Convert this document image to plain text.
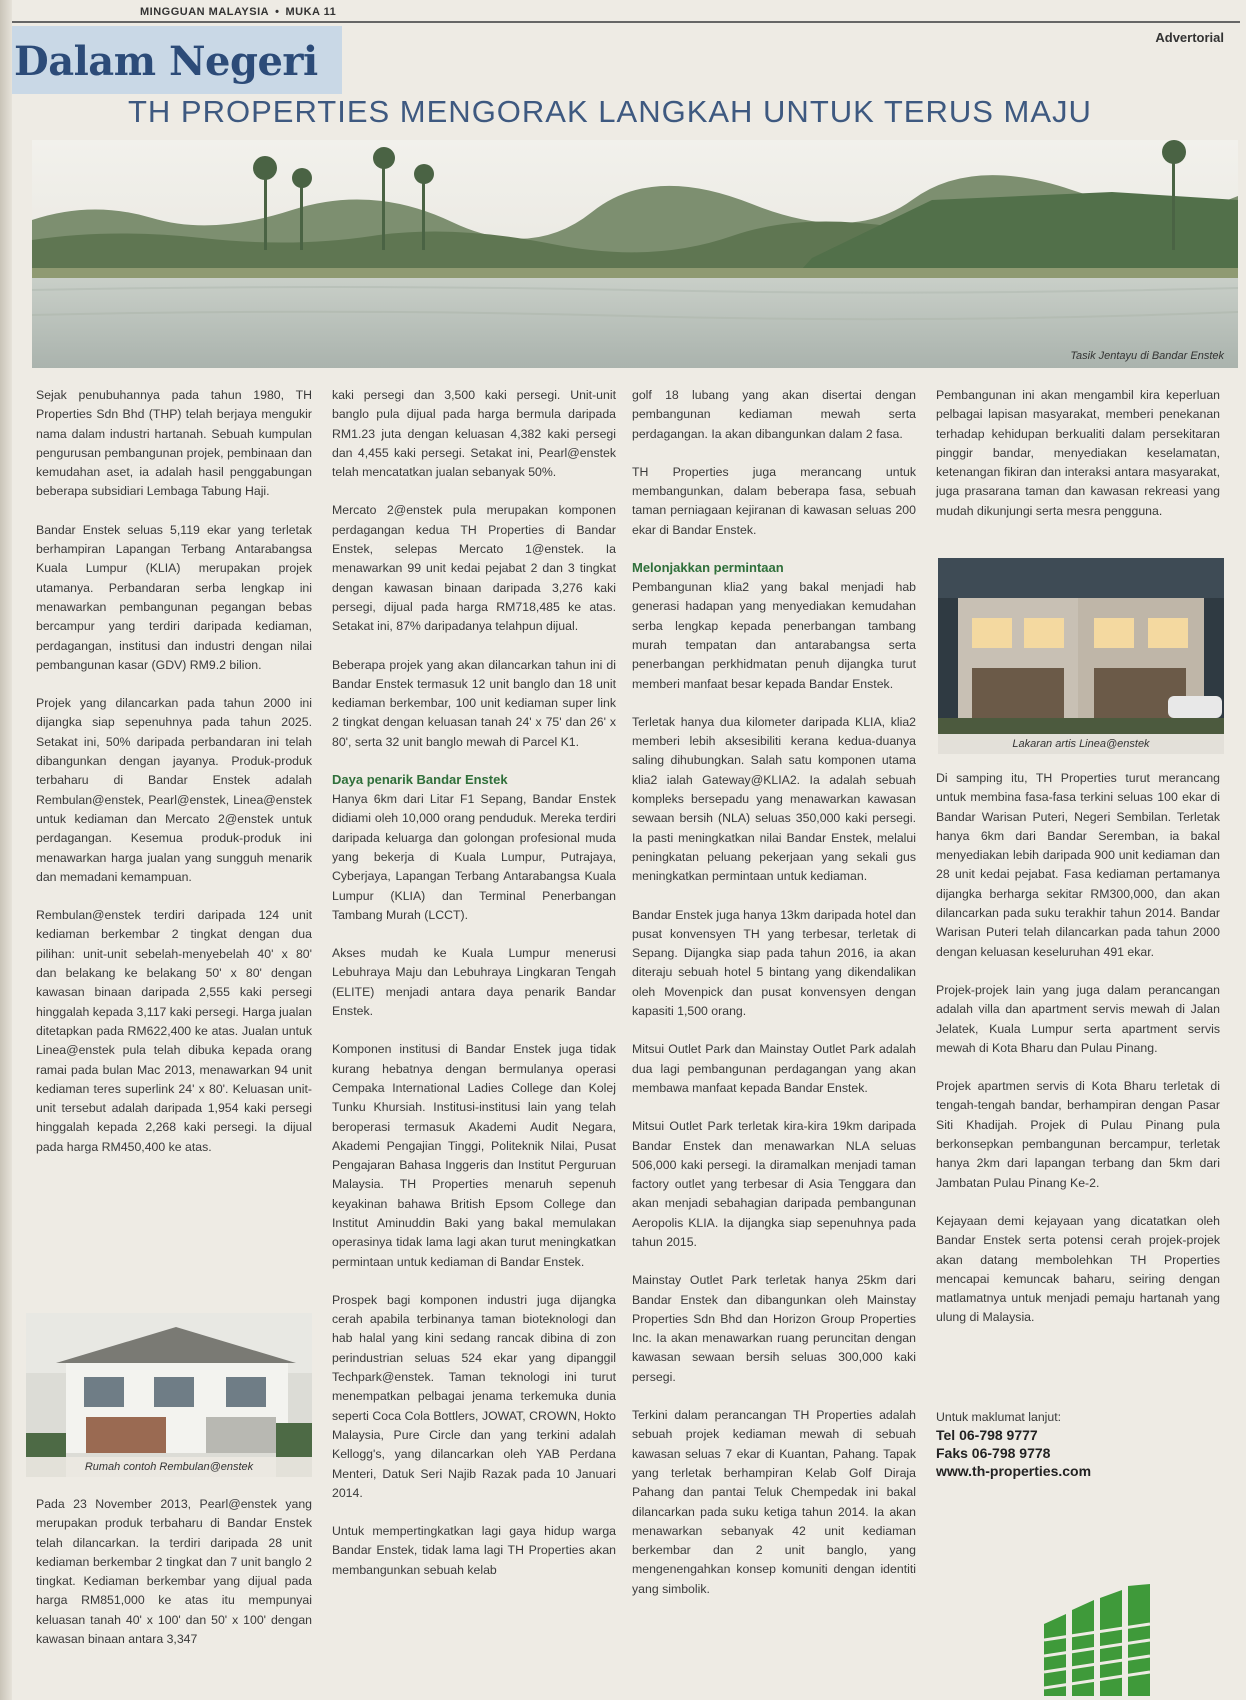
MINGGUAN MALAYSIA • MUKA 11
Advertorial
Dalam Negeri
TH PROPERTIES MENGORAK LANGKAH UNTUK TERUS MAJU
Tasik Jentayu di Bandar Enstek

Sejak penubuhannya pada tahun 1980, TH Properties Sdn Bhd (THP) telah berjaya mengukir nama dalam industri hartanah. Sebuah kumpulan pengurusan pembangunan projek, pembinaan dan kemudahan aset, ia adalah hasil penggabungan beberapa subsidiari Lembaga Tabung Haji.

Bandar Enstek seluas 5,119 ekar yang terletak berhampiran Lapangan Terbang Antarabangsa Kuala Lumpur (KLIA) merupakan projek utamanya. Perbandaran serba lengkap ini menawarkan pembangunan pegangan bebas bercampur yang terdiri daripada kediaman, perdagangan, institusi dan industri dengan nilai pembangunan kasar (GDV) RM9.2 bilion.

Projek yang dilancarkan pada tahun 2000 ini dijangka siap sepenuhnya pada tahun 2025. Setakat ini, 50% daripada perbandaran ini telah dibangunkan dengan jayanya. Produk-produk terbaharu di Bandar Enstek adalah Rembulan@enstek, Pearl@enstek, Linea@enstek untuk kediaman dan Mercato 2@enstek untuk perdagangan. Kesemua produk-produk ini menawarkan harga jualan yang sungguh menarik dan memadani kemampuan.

Rembulan@enstek terdiri daripada 124 unit kediaman berkembar 2 tingkat dengan dua pilihan: unit-unit sebelah-menyebelah 40' x 80' dan belakang ke belakang 50' x 80' dengan kawasan binaan daripada 2,555 kaki persegi hinggalah kepada 3,117 kaki persegi. Harga jualan ditetapkan pada RM622,400 ke atas. Jualan untuk Linea@enstek pula telah dibuka kepada orang ramai pada bulan Mac 2013, menawarkan 94 unit kediaman teres superlink 24' x 80'. Keluasan unit-unit tersebut adalah daripada 1,954 kaki persegi hinggalah kepada 2,268 kaki persegi. Ia dijual pada harga RM450,400 ke atas.

Rumah contoh Rembulan@enstek

Pada 23 November 2013, Pearl@enstek yang merupakan produk terbaharu di Bandar Enstek telah dilancarkan. Ia terdiri daripada 28 unit kediaman berkembar 2 tingkat dan 7 unit banglo 2 tingkat. Kediaman berkembar yang dijual pada harga RM851,000 ke atas itu mempunyai keluasan tanah 40' x 100' dan 50' x 100' dengan kawasan binaan antara 3,347

kaki persegi dan 3,500 kaki persegi. Unit-unit banglo pula dijual pada harga bermula daripada RM1.23 juta dengan keluasan 4,382 kaki persegi dan 4,455 kaki persegi. Setakat ini, Pearl@enstek telah mencatatkan jualan sebanyak 50%.

Mercato 2@enstek pula merupakan komponen perdagangan kedua TH Properties di Bandar Enstek, selepas Mercato 1@enstek. Ia menawarkan 99 unit kedai pejabat 2 dan 3 tingkat dengan kawasan binaan daripada 3,276 kaki persegi, dijual pada harga RM718,485 ke atas. Setakat ini, 87% daripadanya telahpun dijual.

Beberapa projek yang akan dilancarkan tahun ini di Bandar Enstek termasuk 12 unit banglo dan 18 unit kediaman berkembar, 100 unit kediaman super link 2 tingkat dengan keluasan tanah 24' x 75' dan 26' x 80', serta 32 unit banglo mewah di Parcel K1.

Daya penarik Bandar Enstek

Hanya 6km dari Litar F1 Sepang, Bandar Enstek didiami oleh 10,000 orang penduduk. Mereka terdiri daripada keluarga dan golongan profesional muda yang bekerja di Kuala Lumpur, Putrajaya, Cyberjaya, Lapangan Terbang Antarabangsa Kuala Lumpur (KLIA) dan Terminal Penerbangan Tambang Murah (LCCT).

Akses mudah ke Kuala Lumpur menerusi Lebuhraya Maju dan Lebuhraya Lingkaran Tengah (ELITE) menjadi antara daya penarik Bandar Enstek.

Komponen institusi di Bandar Enstek juga tidak kurang hebatnya dengan bermulanya operasi Cempaka International Ladies College dan Kolej Tunku Khursiah. Institusi-institusi lain yang telah beroperasi termasuk Akademi Audit Negara, Akademi Pengajian Tinggi, Politeknik Nilai, Pusat Pengajaran Bahasa Inggeris dan Institut Perguruan Malaysia. TH Properties menaruh sepenuh keyakinan bahawa British Epsom College dan Institut Aminuddin Baki yang bakal memulakan operasinya tidak lama lagi akan turut meningkatkan permintaan untuk kediaman di Bandar Enstek.

Prospek bagi komponen industri juga dijangka cerah apabila terbinanya taman bioteknologi dan hab halal yang kini sedang rancak dibina di zon perindustrian seluas 524 ekar yang dipanggil Techpark@enstek. Taman teknologi ini turut menempatkan pelbagai jenama terkemuka dunia seperti Coca Cola Bottlers, JOWAT, CROWN, Hokto Malaysia, Pure Circle dan yang terkini adalah Kellogg's, yang dilancarkan oleh YAB Perdana Menteri, Datuk Seri Najib Razak pada 10 Januari 2014.

Untuk mempertingkatkan lagi gaya hidup warga Bandar Enstek, tidak lama lagi TH Properties akan membangunkan sebuah kelab

golf 18 lubang yang akan disertai dengan pembangunan kediaman mewah serta perdagangan. Ia akan dibangunkan dalam 2 fasa.

TH Properties juga merancang untuk membangunkan, dalam beberapa fasa, sebuah taman perniagaan kejiranan di kawasan seluas 200 ekar di Bandar Enstek.

Melonjakkan permintaan

Pembangunan klia2 yang bakal menjadi hab generasi hadapan yang menyediakan kemudahan serba lengkap kepada penerbangan tambang murah tempatan dan antarabangsa serta penerbangan perkhidmatan penuh dijangka turut memberi manfaat besar kepada Bandar Enstek.

Terletak hanya dua kilometer daripada KLIA, klia2 memberi lebih aksesibiliti kerana kedua-duanya saling dihubungkan. Salah satu komponen utama klia2 ialah Gateway@KLIA2. Ia adalah sebuah kompleks bersepadu yang menawarkan kawasan sewaan bersih (NLA) seluas 350,000 kaki persegi. Ia pasti meningkatkan nilai Bandar Enstek, melalui peningkatan peluang pekerjaan yang sekali gus meningkatkan permintaan untuk kediaman.

Bandar Enstek juga hanya 13km daripada hotel dan pusat konvensyen TH yang terbesar, terletak di Sepang. Dijangka siap pada tahun 2016, ia akan diteraju sebuah hotel 5 bintang yang dikendalikan oleh Movenpick dan pusat konvensyen dengan kapasiti 1,500 orang.

Mitsui Outlet Park dan Mainstay Outlet Park adalah dua lagi pembangunan perdagangan yang akan membawa manfaat kepada Bandar Enstek.

Mitsui Outlet Park terletak kira-kira 19km daripada Bandar Enstek dan menawarkan NLA seluas 506,000 kaki persegi. Ia diramalkan menjadi taman factory outlet yang terbesar di Asia Tenggara dan akan menjadi sebahagian daripada pembangunan Aeropolis KLIA. Ia dijangka siap sepenuhnya pada tahun 2015.

Mainstay Outlet Park terletak hanya 25km dari Bandar Enstek dan dibangunkan oleh Mainstay Properties Sdn Bhd dan Horizon Group Properties Inc. Ia akan menawarkan ruang peruncitan dengan kawasan sewaan bersih seluas 300,000 kaki persegi.

Terkini dalam perancangan TH Properties adalah sebuah projek kediaman mewah di sebuah kawasan seluas 7 ekar di Kuantan, Pahang. Tapak yang terletak berhampiran Kelab Golf Diraja Pahang dan pantai Teluk Chempedak ini bakal dilancarkan pada suku ketiga tahun 2014. Ia akan menawarkan sebanyak 42 unit kediaman berkembar dan 2 unit banglo, yang mengenengahkan konsep komuniti dengan identiti yang simbolik.

Pembangunan ini akan mengambil kira keperluan pelbagai lapisan masyarakat, memberi penekanan terhadap kehidupan berkualiti dalam persekitaran pinggir bandar, menyediakan keselamatan, ketenangan fikiran dan interaksi antara masyarakat, juga prasarana taman dan kawasan rekreasi yang mudah dikunjungi serta mesra pengguna.

Lakaran artis Linea@enstek

Di samping itu, TH Properties turut merancang untuk membina fasa-fasa terkini seluas 100 ekar di Bandar Warisan Puteri, Negeri Sembilan. Terletak hanya 6km dari Bandar Seremban, ia bakal menyediakan lebih daripada 900 unit kediaman dan 28 unit kedai pejabat. Fasa kediaman pertamanya dijangka berharga sekitar RM300,000, dan akan dilancarkan pada suku terakhir tahun 2014. Bandar Warisan Puteri telah dilancarkan pada tahun 2000 dengan keluasan keseluruhan 491 ekar.

Projek-projek lain yang juga dalam perancangan adalah villa dan apartment servis mewah di Jalan Jelatek, Kuala Lumpur serta apartment servis mewah di Kota Bharu dan Pulau Pinang.

Projek apartmen servis di Kota Bharu terletak di tengah-tengah bandar, berhampiran dengan Pasar Siti Khadijah. Projek di Pulau Pinang pula berkonsepkan pembangunan bercampur, terletak hanya 2km dari lapangan terbang dan 5km dari Jambatan Pulau Pinang Ke-2.

Kejayaan demi kejayaan yang dicatatkan oleh Bandar Enstek serta potensi cerah projek-projek akan datang membolehkan TH Properties mencapai kemuncak baharu, seiring dengan matlamatnya untuk menjadi pemaju hartanah yang ulung di Malaysia.

Untuk maklumat lanjut:
Tel 06-798 9777
Faks 06-798 9778
www.th-properties.com
